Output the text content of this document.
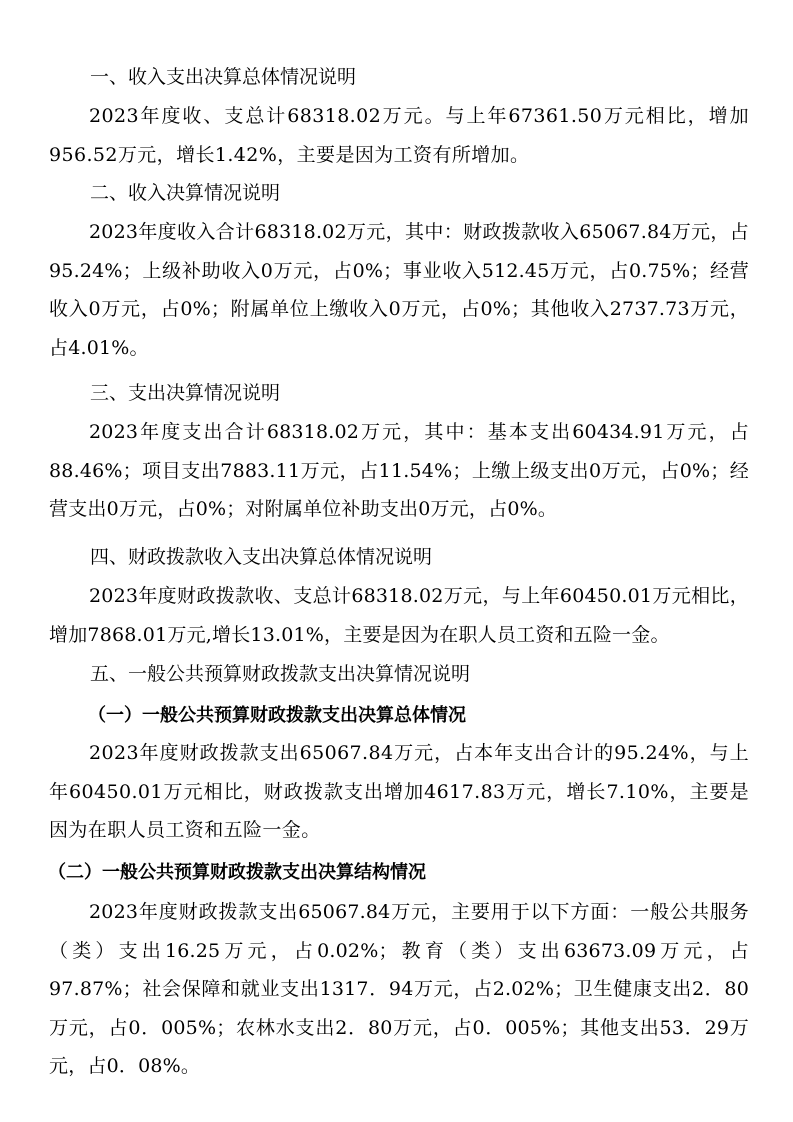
一、收入支出决算总体情况说明

2023年度收、支总计68318.02万元。与上年67361.50万元相比，增加956.52万元，增长1.42%，主要是因为工资有所增加。

二、收入决算情况说明

2023年度收入合计68318.02万元，其中：财政拨款收入65067.84万元，占95.24%；上级补助收入0万元，占0%；事业收入512.45万元，占0.75%；经营收入0万元，占0%；附属单位上缴收入0万元，占0%；其他收入2737.73万元，占4.01%。

三、支出决算情况说明

2023年度支出合计68318.02万元，其中：基本支出60434.91万元，占88.46%；项目支出7883.11万元，占11.54%；上缴上级支出0万元，占0%；经营支出0万元，占0%；对附属单位补助支出0万元，占0%。

四、财政拨款收入支出决算总体情况说明

2023年度财政拨款收、支总计68318.02万元，与上年60450.01万元相比，增加7868.01万元,增长13.01%，主要是因为在职人员工资和五险一金。

五、一般公共预算财政拨款支出决算情况说明
（一）一般公共预算财政拨款支出决算总体情况

2023年度财政拨款支出65067.84万元，占本年支出合计的95.24%，与上年60450.01万元相比，财政拨款支出增加4617.83万元，增长7.10%，主要是因为在职人员工资和五险一金。

（二）一般公共预算财政拨款支出决算结构情况

2023年度财政拨款支出65067.84万元，主要用于以下方面：一般公共服务（类）支出16.25万元，占0.02%；教育（类）支出63673.09万元，占97.87%；社会保障和就业支出1317．94万元，占2.02%；卫生健康支出2．80万元，占0．005%；农林水支出2．80万元，占0．005%；其他支出53．29万元，占0．08%。
